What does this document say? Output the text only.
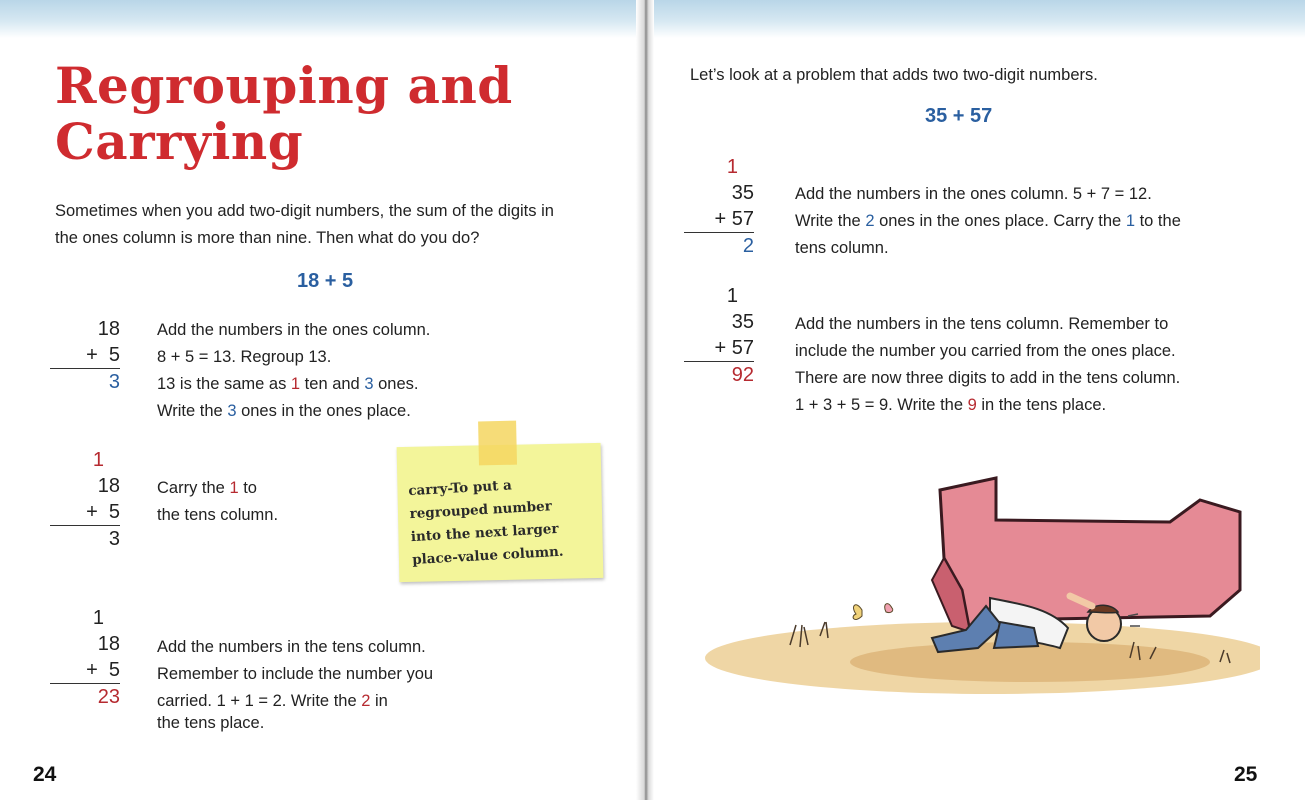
Regrouping and
Carrying
Sometimes when you add two-digit numbers, the sum of the digits in
the ones column is more than nine. Then what do you do?
18 + 5
18
+  5
3
Add the numbers in the ones column.
8 + 5 = 13. Regroup 13.
13 is the same as 1 ten and 3 ones.
Write the 3 ones in the ones place.
1
18
+  5
3
Carry the 1 to
the tens column.
carry-To put a
regrouped number
into the next larger
place-value column.
1
18
+  5
23
Add the numbers in the tens column.
Remember to include the number you
carried. 1 + 1 = 2. Write the 2 in
the tens place.
24
Let’s look at a problem that adds two two-digit numbers.
35 + 57
1
35
+ 57
2
Add the numbers in the ones column. 5 + 7 = 12.
Write the 2 ones in the ones place. Carry the 1 to the
tens column.
1
35
+ 57
92
Add the numbers in the tens column. Remember to
include the number you carried from the ones place.
There are now three digits to add in the tens column.
1 + 3 + 5 = 9. Write the 9 in the tens place.
25
